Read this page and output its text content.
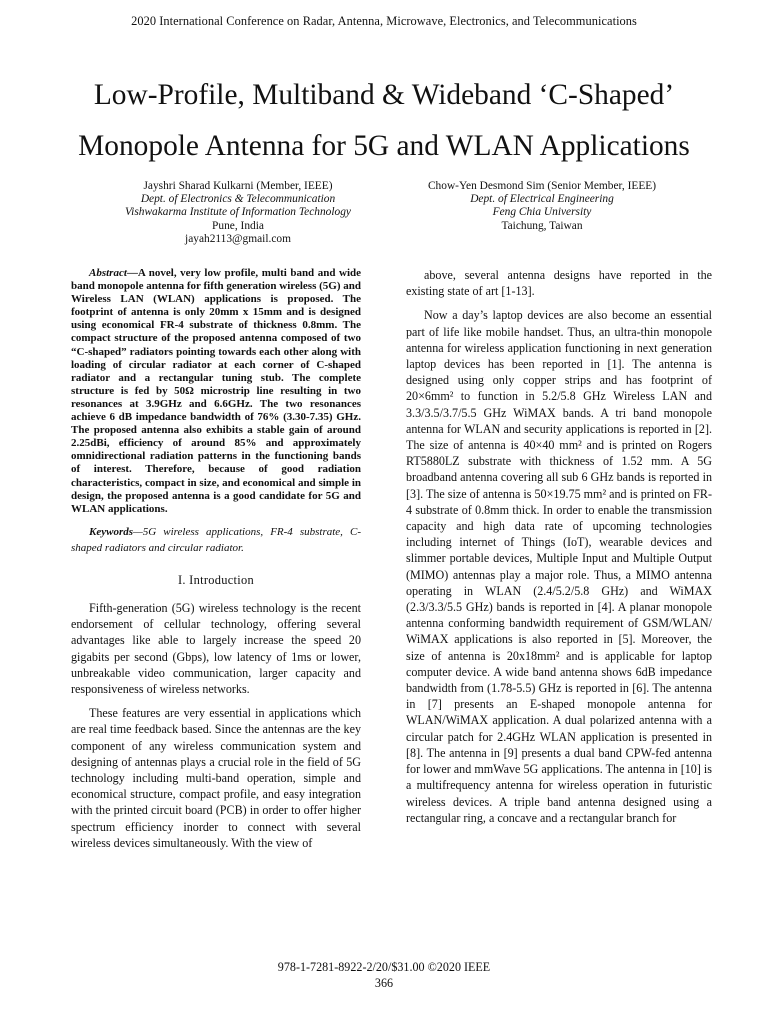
2020 International Conference on Radar, Antenna, Microwave, Electronics, and Telecommunications
Low-Profile, Multiband & Wideband ‘C-Shaped’
Monopole Antenna for 5G and WLAN Applications
Jayshri Sharad Kulkarni (Member, IEEE)
Dept. of Electronics & Telecommunication
Vishwakarma Institute of Information Technology
Pune, India
jayah2113@gmail.com
Chow-Yen Desmond Sim (Senior Member, IEEE)
Dept. of Electrical Engineering
Feng Chia University
Taichung, Taiwan

Abstract—A novel, very low profile, multi band and wide band monopole antenna for fifth generation wireless (5G) and Wireless LAN (WLAN) applications is proposed. The footprint of antenna is only 20mm x 15mm and is designed using economical FR-4 substrate of thickness 0.8mm. The compact structure of the proposed antenna composed of two “C-shaped” radiators pointing towards each other along with loading of circular radiator at each corner of C-shaped radiator and a rectangular tuning stub. The complete structure is fed by 50Ω microstrip line resulting in two resonances at 3.9GHz and 6.6GHz. The two resonances achieve 6 dB impedance bandwidth of 76% (3.30-7.35) GHz. The proposed antenna also exhibits a stable gain of around 2.25dBi, efficiency of around 85% and approximately omnidirectional radiation patterns in the functioning bands of interest. Therefore, because of good radiation characteristics, compact in size, and economical and simple in design, the proposed antenna is a good candidate for 5G and WLAN applications.

Keywords—5G wireless applications, FR-4 substrate, C-shaped radiators and circular radiator.

I. Introduction

Fifth-generation (5G) wireless technology is the recent endorsement of cellular technology, offering several advantages like able to largely increase the speed 20 gigabits per second (Gbps), low latency of 1ms or lower, unbreakable video communication, larger capacity and responsiveness of wireless networks.

These features are very essential in applications which are real time feedback based. Since the antennas are the key component of any wireless communication system and designing of antennas plays a crucial role in the field of 5G technology including multi-band operation, simple and economical structure, compact profile, and easy integration with the printed circuit board (PCB) in order to offer higher spectrum efficiency inorder to connect with several wireless devices simultaneously. With the view of

above, several antenna designs have reported in the existing state of art [1-13].

Now a day’s laptop devices are also become an essential part of life like mobile handset. Thus, an ultra-thin monopole antenna for wireless application functioning in next generation laptop devices has been reported in [1]. The antenna is designed using only copper strips and has footprint of 20×6mm² to function in 5.2/5.8 GHz Wireless LAN and 3.3/3.5/3.7/5.5 GHz WiMAX bands. A tri band monopole antenna for WLAN and security applications is reported in [2]. The size of antenna is 40×40 mm² and is printed on Rogers RT5880LZ substrate with thickness of 1.52 mm. A 5G broadband antenna covering all sub 6 GHz bands is reported in [3]. The size of antenna is 50×19.75 mm² and is printed on FR-4 substrate of 0.8mm thick. In order to enable the transmission capacity and high data rate of upcoming technologies including internet of Things (IoT), wearable devices and slimmer portable devices, Multiple Input and Multiple Output (MIMO) antennas play a major role. Thus, a MIMO antenna operating in WLAN (2.4/5.2/5.8 GHz) and WiMAX (2.3/3.3/5.5 GHz) bands is reported in [4]. A planar monopole antenna conforming bandwidth requirement of GSM/WLAN/ WiMAX applications is also reported in [5]. Moreover, the size of antenna is 20x18mm² and is applicable for laptop computer device. A wide band antenna shows 6dB impedance bandwidth from (1.78-5.5) GHz is reported in [6]. The antenna in [7] presents an E-shaped monopole antenna for WLAN/WiMAX application. A dual polarized antenna with a circular patch for 2.4GHz WLAN application is presented in [8]. The antenna in [9] presents a dual band CPW-fed antenna for lower and mmWave 5G applications. The antenna in [10] is a multifrequency antenna for wireless operation in futuristic wireless devices. A triple band antenna designed using a rectangular ring, a concave and a rectangular branch for

978-1-7281-8922-2/20/$31.00 ©2020 IEEE
366
